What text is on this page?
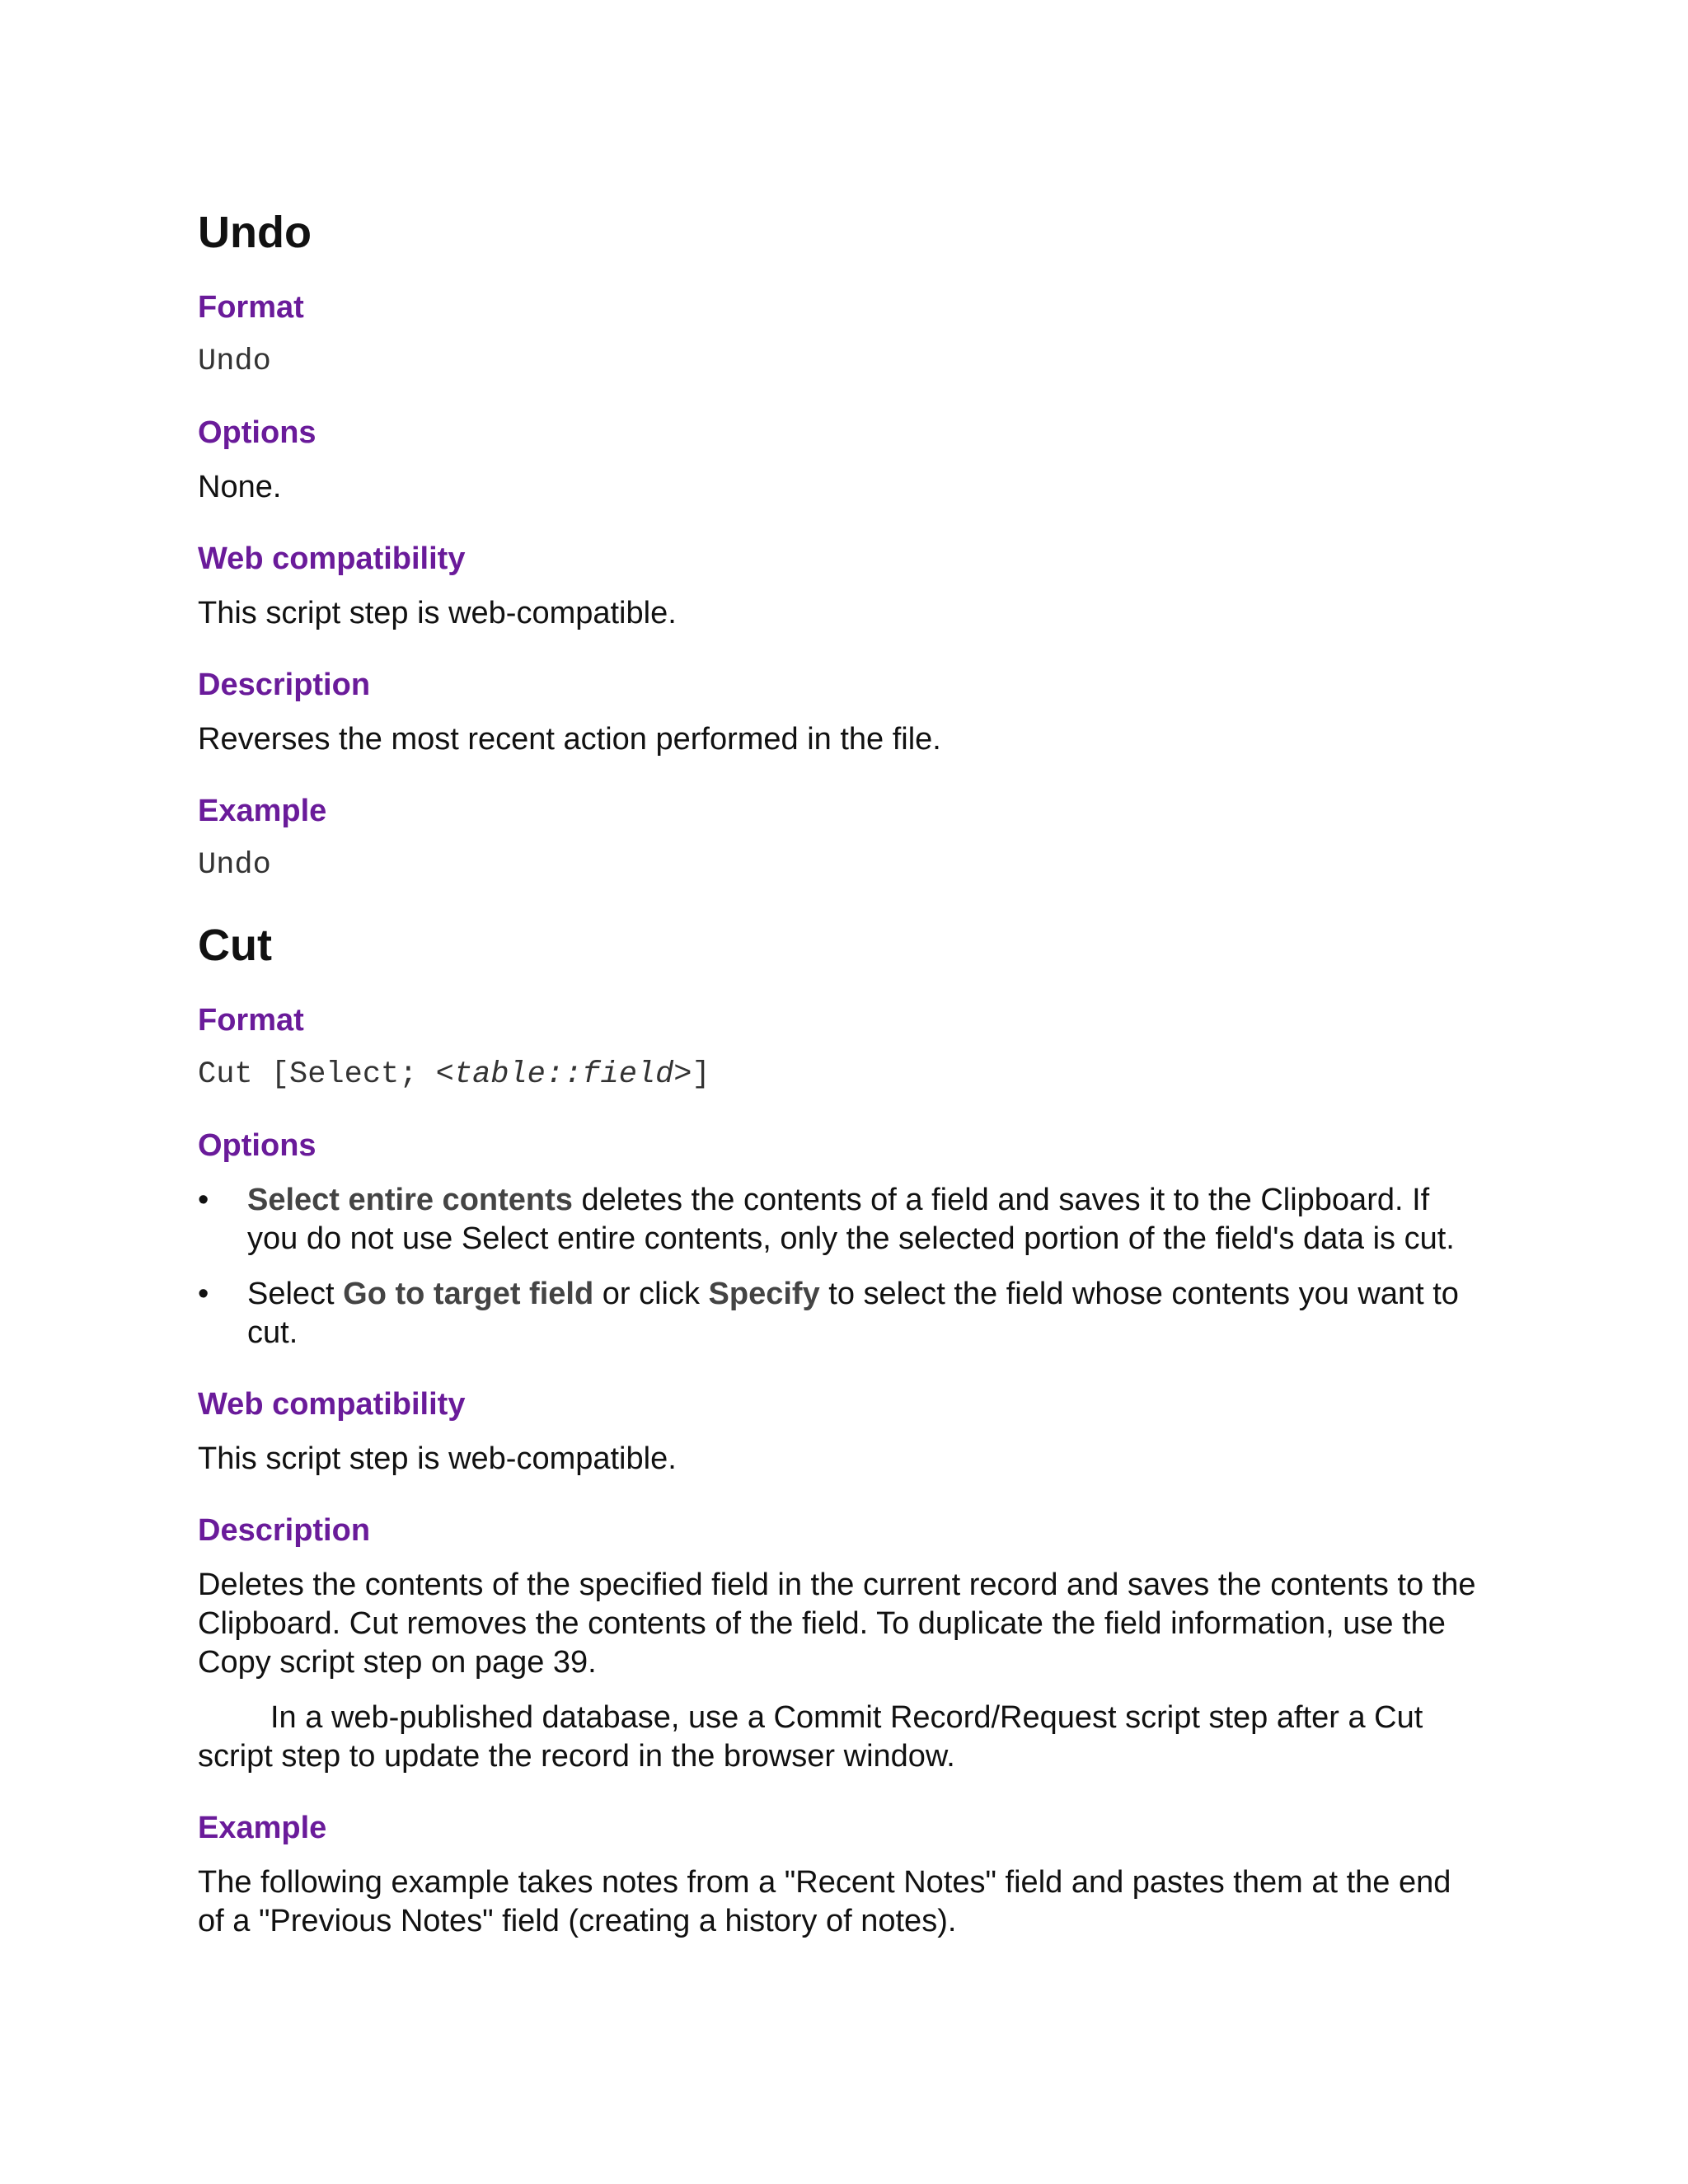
Undo
Format

Undo

Options

None.

Web compatibility

This script step is web-compatible.

Description

Reverses the most recent action performed in the file.

Example

Undo

Cut
Format

Cut [Select; <table::field>]

Options
• Select entire contents deletes the contents of a field and saves it to the Clipboard. If you do not use Select entire contents, only the selected portion of the field's data is cut.
• Select Go to target field or click Specify to select the field whose contents you want to cut.
Web compatibility

This script step is web-compatible.

Description

Deletes the contents of the specified field in the current record and saves the contents to the Clipboard. Cut removes the contents of the field. To duplicate the field information, use the Copy script step on page 39.

In a web-published database, use a Commit Record/Request script step after a Cut script step to update the record in the browser window.

Example

The following example takes notes from a "Recent Notes" field and pastes them at the end of a "Previous Notes" field (creating a history of notes).
